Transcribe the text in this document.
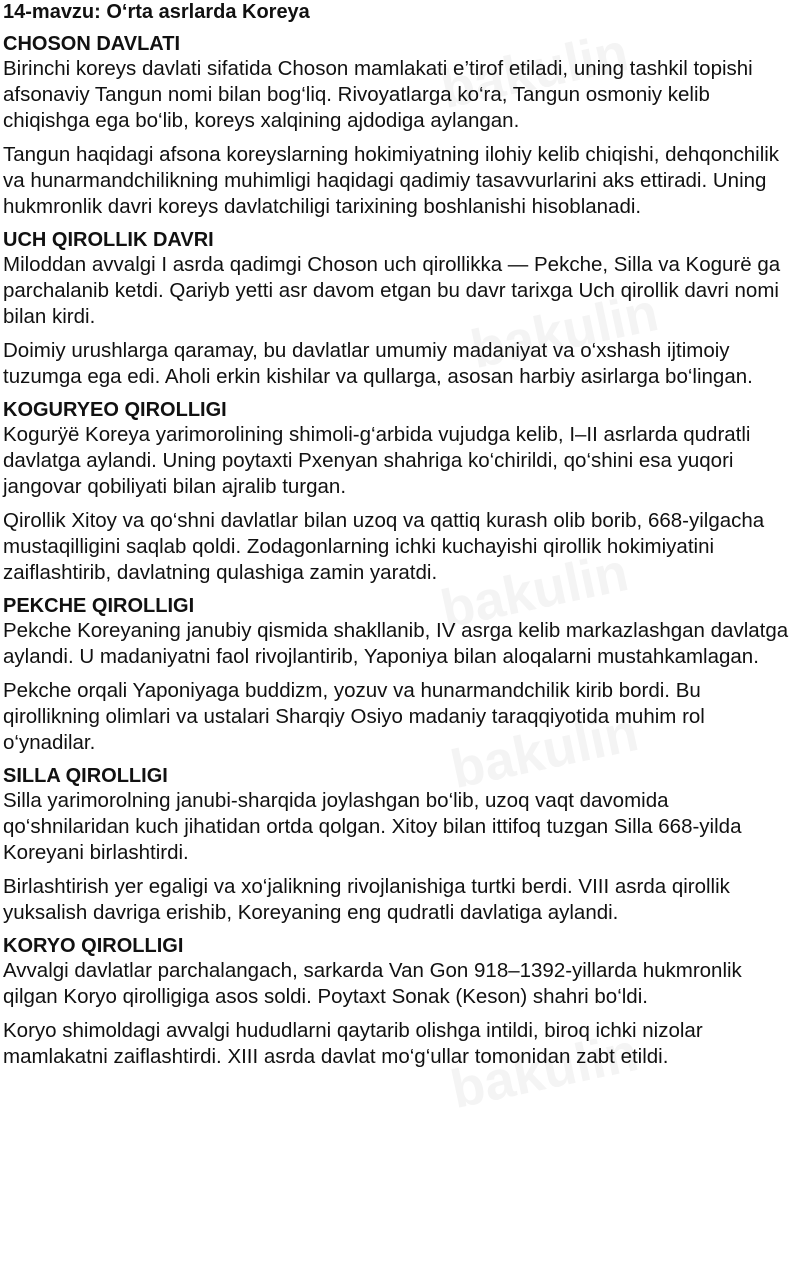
bakulin
bakulin
bakulin
bakulin
bakulin
14-mavzu: O‘rta asrlarda Koreya
CHOSON DAVLATI

Birinchi koreys davlati sifatida Choson mamlakati e’tirof etiladi, uning tashkil topishi afsonaviy Tangun nomi bilan bog‘liq. Rivoyatlarga ko‘ra, Tangun osmoniy kelib chiqishga ega bo‘lib, koreys xalqining ajdodiga aylangan.

Tangun haqidagi afsona koreyslarning hokimiyatning ilohiy kelib chiqishi, dehqonchilik va hunarmandchilikning muhimligi haqidagi qadimiy tasavvurlarini aks ettiradi. Uning hukmronlik davri koreys davlatchiligi tarixining boshlanishi hisoblanadi.

UCH QIROLLIK DAVRI

Miloddan avvalgi I asrda qadimgi Choson uch qirollikka — Pekche, Silla va Kogurë ga parchalanib ketdi. Qariyb yetti asr davom etgan bu davr tarixga Uch qirollik davri nomi bilan kirdi.

Doimiy urushlarga qaramay, bu davlatlar umumiy madaniyat va o‘xshash ijtimoiy tuzumga ega edi. Aholi erkin kishilar va qullarga, asosan harbiy asirlarga bo‘lingan.

KOGURYEO QIROLLIGI

Kogurÿë Koreya yarimorolining shimoli-g‘arbida vujudga kelib, I–II asrlarda qudratli davlatga aylandi. Uning poytaxti Pxenyan shahriga ko‘chirildi, qo‘shini esa yuqori jangovar qobiliyati bilan ajralib turgan.

Qirollik Xitoy va qo‘shni davlatlar bilan uzoq va qattiq kurash olib borib, 668-yilgacha mustaqilligini saqlab qoldi. Zodagonlarning ichki kuchayishi qirollik hokimiyatini zaiflashtirib, davlatning qulashiga zamin yaratdi.

PEKCHE QIROLLIGI

Pekche Koreyaning janubiy qismida shakllanib, IV asrga kelib markazlashgan davlatga aylandi. U madaniyatni faol rivojlantirib, Yaponiya bilan aloqalarni mustahkamlagan.

Pekche orqali Yaponiyaga buddizm, yozuv va hunarmandchilik kirib bordi. Bu qirollikning olimlari va ustalari Sharqiy Osiyo madaniy taraqqiyotida muhim rol o‘ynadilar.

SILLA QIROLLIGI

Silla yarimorolning janubi-sharqida joylashgan bo‘lib, uzoq vaqt davomida qo‘shnilaridan kuch jihatidan ortda qolgan. Xitoy bilan ittifoq tuzgan Silla 668-yilda Koreyani birlashtirdi.

Birlashtirish yer egaligi va xo‘jalikning rivojlanishiga turtki berdi. VIII asrda qirollik yuksalish davriga erishib, Koreyaning eng qudratli davlatiga aylandi.

KORYO QIROLLIGI

Avvalgi davlatlar parchalangach, sarkarda Van Gon 918–1392-yillarda hukmronlik qilgan Koryo qirolligiga asos soldi. Poytaxt Sonak (Keson) shahri bo‘ldi.

Koryo shimoldagi avvalgi hududlarni qaytarib olishga intildi, biroq ichki nizolar mamlakatni zaiflashtirdi. XIII asrda davlat mo‘g‘ullar tomonidan zabt etildi.
